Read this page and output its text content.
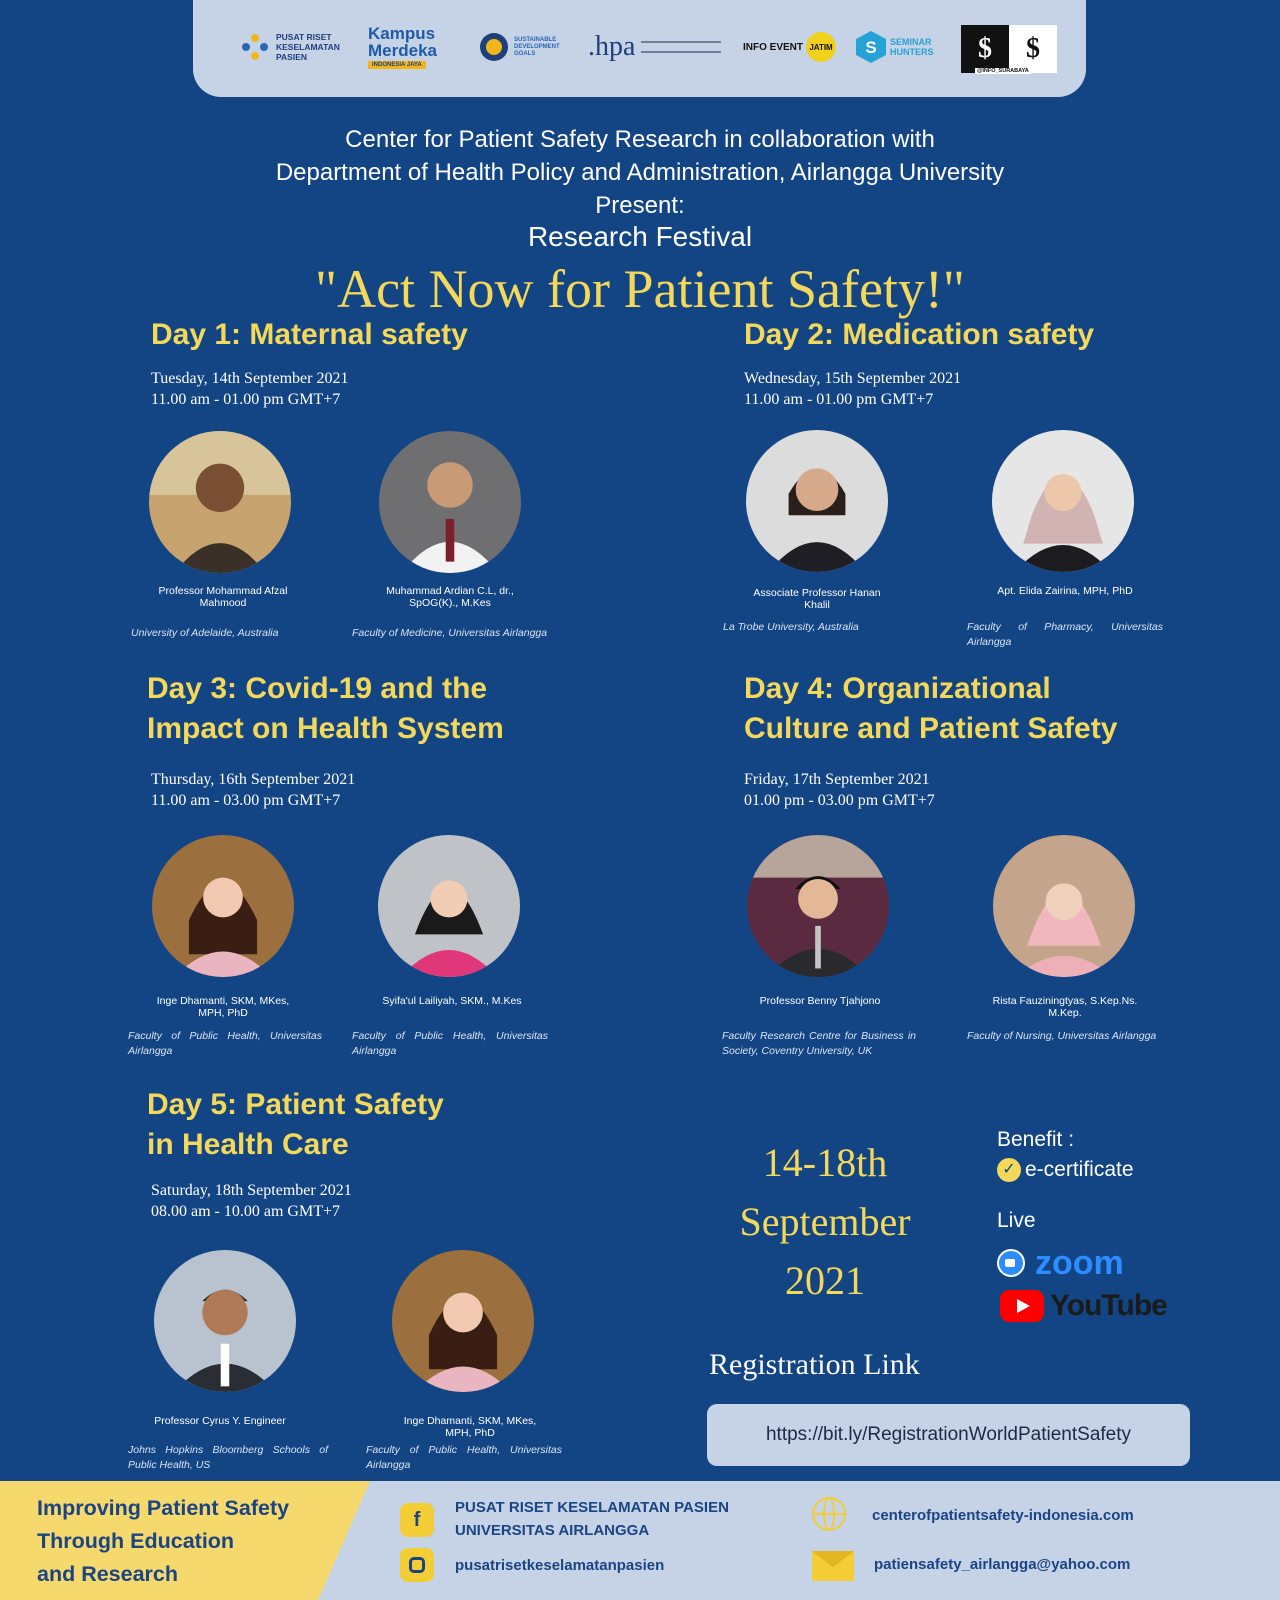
PUSAT RISET KESELAMATAN PASIEN
Kampus Merdeka
INDONESIA JAYA
SUSTAINABLE DEVELOPMENT GOALS	.hpa	INFO EVENT JATIM S SEMINAR HUNTERS	$	$
@INFO_SURABAYA
Center for Patient Safety Research in collaboration with
Department of Health Policy and Administration, Airlangga University
Present:
Research Festival
"Act Now for Patient Safety!"
Day 1: Maternal safety
Tuesday, 14th September 2021
11.00 am - 01.00 pm GMT+7
Professor Mohammad Afzal Mahmood
Muhammad Ardian C.L, dr., SpOG(K)., M.Kes
University of Adelaide, Australia	Faculty of Medicine, Universitas Airlangga
Day 2: Medication safety
Wednesday, 15th September 2021
11.00 am - 01.00 pm GMT+7
Associate Professor Hanan Khalil
Apt. Elida Zairina, MPH, PhD
La Trobe University, Australia	Faculty of Pharmacy, Universitas Airlangga
Day 3: Covid-19 and the
Impact on Health System
Thursday, 16th September 2021
11.00 am - 03.00 pm GMT+7
Inge Dhamanti, SKM, MKes, MPH, PhD
Syifa'ul Lailiyah, SKM., M.Kes
Faculty of Public Health, Universitas Airlangga
Faculty of Public Health, Universitas Airlangga
Day 4: Organizational
Culture and Patient Safety
Friday, 17th September 2021
01.00 pm - 03.00 pm GMT+7
Professor Benny Tjahjono	Rista Fauziningtyas, S.Kep.Ns. M.Kep.
Faculty Research Centre for Business in Society, Coventry University, UK
Faculty of Nursing, Universitas Airlangga
Day 5: Patient Safety
in Health Care
Saturday, 18th September 2021
08.00 am - 10.00 am GMT+7
Professor Cyrus Y. Engineer	Inge Dhamanti, SKM, MKes, MPH, PhD
Johns Hopkins Bloomberg Schools of Public Health, US
Faculty of Public Health, Universitas Airlangga
14-18th
September
2021
Benefit :
✓ e-certificate
Live
zoom
YouTube
Registration Link
https://bit.ly/RegistrationWorldPatientSafety
Improving Patient Safety
Through Education
and Research
f
PUSAT RISET KESELAMATAN PASIEN
UNIVERSITAS AIRLANGGA
pusatrisetkeselamatanpasien
centerofpatientsafety-indonesia.com
patiensafety_airlangga@yahoo.com
